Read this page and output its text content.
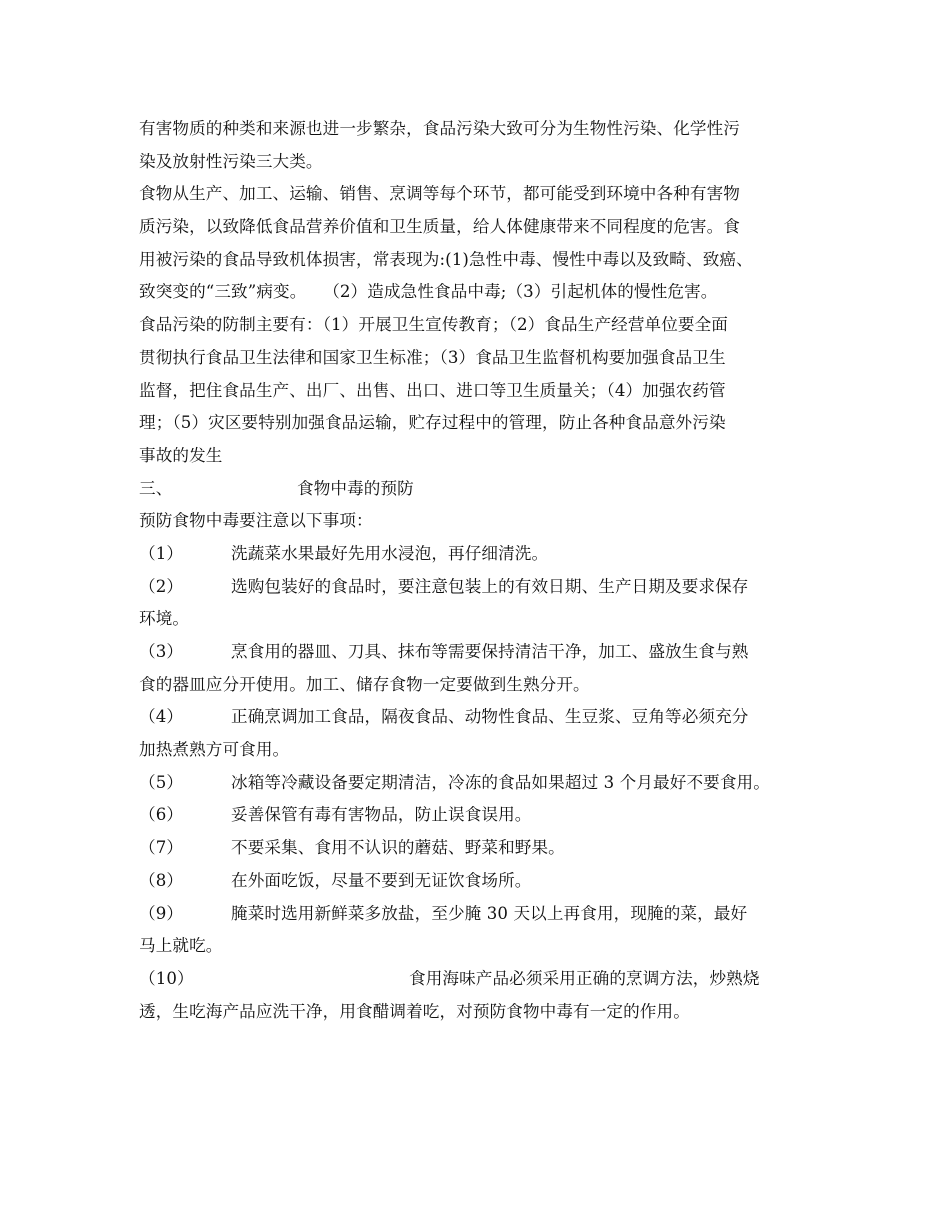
有害物质的种类和来源也进一步繁杂，食品污染大致可分为生物性污染、化学性污
染及放射性污染三大类。
食物从生产、加工、运输、销售、烹调等每个环节，都可能受到环境中各种有害物
质污染，以致降低食品营养价值和卫生质量，给人体健康带来不同程度的危害。食
用被污染的食品导致机体损害，常表现为:(1)急性中毒、慢性中毒以及致畸、致癌、
致突变的“三致”病变。　　（2）造成急性食品中毒;（3）引起机体的慢性危害。
食品污染的防制主要有：（1）开展卫生宣传教育；（2）食品生产经营单位要全面
贯彻执行食品卫生法律和国家卫生标准；（3）食品卫生监督机构要加强食品卫生
监督，把住食品生产、出厂、出售、出口、进口等卫生质量关；（4）加强农药管
理；（5）灾区要特别加强食品运输，贮存过程中的管理，防止各种食品意外污染
事故的发生
三、	食物中毒的预防
预防食物中毒要注意以下事项：
（1）	洗蔬菜水果最好先用水浸泡，再仔细清洗。
（2）	选购包装好的食品时，要注意包装上的有效日期、生产日期及要求保存
环境。
（3）	烹食用的器皿、刀具、抹布等需要保持清洁干净，加工、盛放生食与熟
食的器皿应分开使用。加工、储存食物一定要做到生熟分开。
（4）	正确烹调加工食品，隔夜食品、动物性食品、生豆浆、豆角等必须充分
加热煮熟方可食用。
（5）	冰箱等冷藏设备要定期清洁，冷冻的食品如果超过 3 个月最好不要食用。
（6）	妥善保管有毒有害物品，防止误食误用。
（7）	不要采集、食用不认识的蘑菇、野菜和野果。
（8）	在外面吃饭，尽量不要到无证饮食场所。
（9）	腌菜时选用新鲜菜多放盐，至少腌 30 天以上再食用，现腌的菜，最好
马上就吃。
（10）	食用海味产品必须采用正确的烹调方法，炒熟烧
透，生吃海产品应洗干净，用食醋调着吃，对预防食物中毒有一定的作用。
